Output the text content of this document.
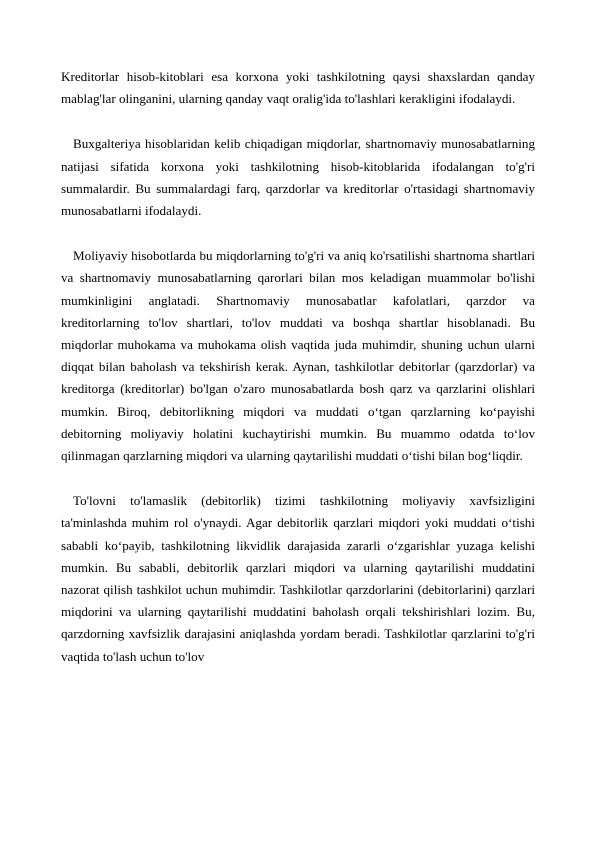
Kreditorlar hisob-kitoblari esa korxona yoki tashkilotning qaysi shaxslardan qanday mablag'lar olinganini, ularning qanday vaqt oralig'ida to'lashlari kerakligini ifodalaydi.

Buxgalteriya hisoblaridan kelib chiqadigan miqdorlar, shartnomaviy munosabatlarning natijasi sifatida korxona yoki tashkilotning hisob-kitoblarida ifodalangan to'g'ri summalardir. Bu summalardagi farq, qarzdorlar va kreditorlar o'rtasidagi shartnomaviy munosabatlarni ifodalaydi.

Moliyaviy hisobotlarda bu miqdorlarning to'g'ri va aniq ko'rsatilishi shartnoma shartlari va shartnomaviy munosabatlarning qarorlari bilan mos keladigan muammolar bo'lishi mumkinligini anglatadi. Shartnomaviy munosabatlar kafolatlari, qarzdor va kreditorlarning to'lov shartlari, to'lov muddati va boshqa shartlar hisoblanadi. Bu miqdorlar muhokama va muhokama olish vaqtida juda muhimdir, shuning uchun ularni diqqat bilan baholash va tekshirish kerak. Aynan, tashkilotlar debitorlar (qarzdorlar) va kreditorga (kreditorlar) bo'lgan o'zaro munosabatlarda bosh qarz va qarzlarini olishlari mumkin. Biroq, debitorlikning miqdori va muddati o‘tgan qarzlarning ko‘payishi debitorning moliyaviy holatini kuchaytirishi mumkin. Bu muammo odatda to‘lov qilinmagan qarzlarning miqdori va ularning qaytarilishi muddati o‘tishi bilan bog‘liqdir.

To'lovni to'lamaslik (debitorlik) tizimi tashkilotning moliyaviy xavfsizligini ta'minlashda muhim rol o'ynaydi. Agar debitorlik qarzlari miqdori yoki muddati o‘tishi sababli ko‘payib, tashkilotning likvidlik darajasida zararli o‘zgarishlar yuzaga kelishi mumkin. Bu sababli, debitorlik qarzlari miqdori va ularning qaytarilishi muddatini nazorat qilish tashkilot uchun muhimdir. Tashkilotlar qarzdorlarini (debitorlarini) qarzlari miqdorini va ularning qaytarilishi muddatini baholash orqali tekshirishlari lozim. Bu, qarzdorning xavfsizlik darajasini aniqlashda yordam beradi. Tashkilotlar qarzlarini to'g'ri vaqtida to'lash uchun to'lov
